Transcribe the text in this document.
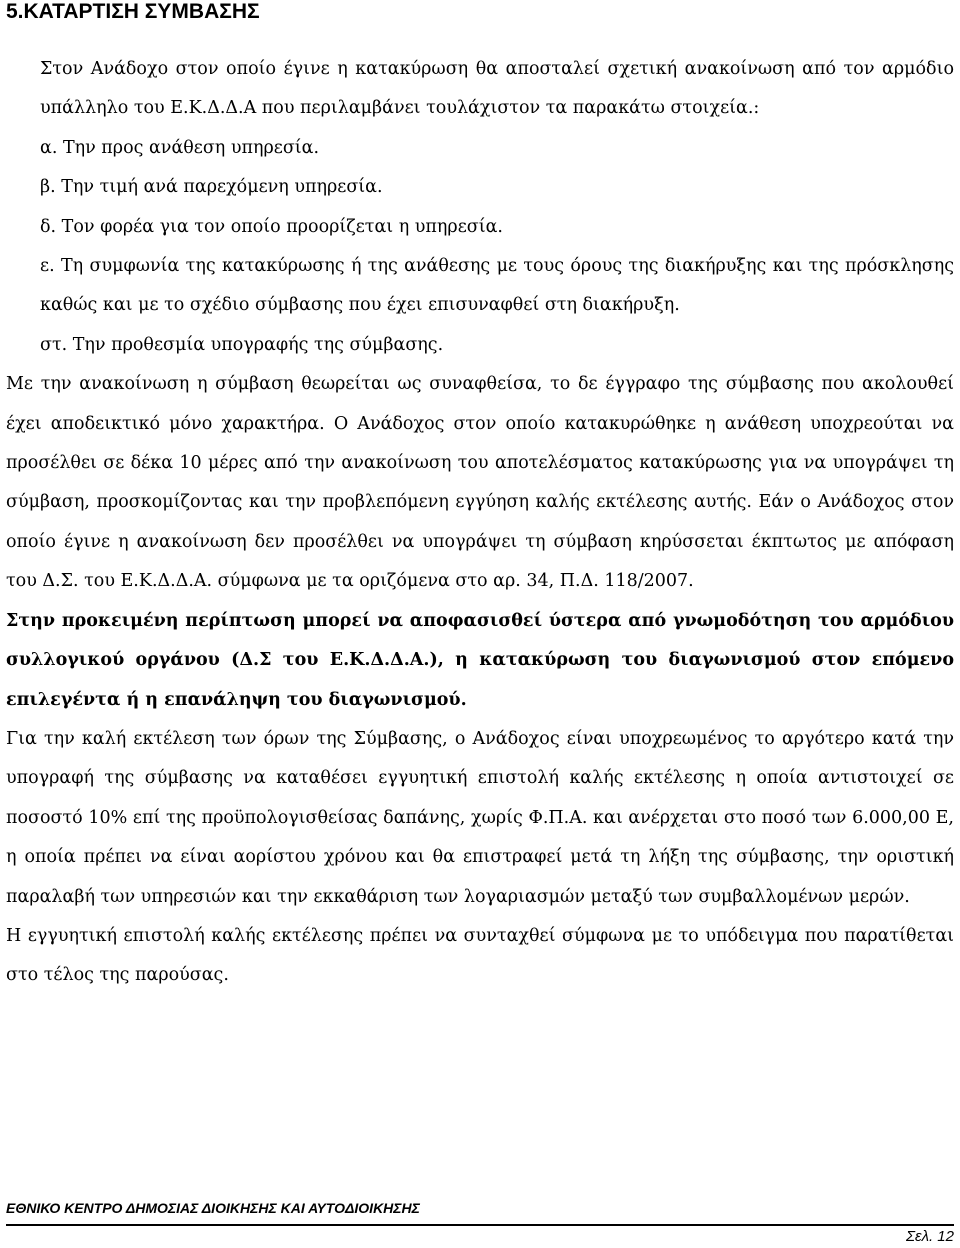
5.ΚΑΤΑΡΤΙΣΗ ΣΥΜΒΑΣΗΣ

Στον Ανάδοχο στον οποίο έγινε η κατακύρωση θα αποσταλεί σχετική ανακοίνωση από τον αρμόδιο υπάλληλο του Ε.Κ.Δ.Δ.Α που περιλαμβάνει τουλάχιστον τα παρακάτω στοιχεία.:

α. Την προς ανάθεση υπηρεσία.

β. Την τιμή ανά παρεχόμενη υπηρεσία.

δ. Τον φορέα για τον οποίο προορίζεται η υπηρεσία.

ε. Τη συμφωνία της κατακύρωσης ή της ανάθεσης με τους όρους της διακήρυξης και της πρόσκλησης καθώς και με το σχέδιο σύμβασης που έχει επισυναφθεί στη διακήρυξη.

στ. Την προθεσμία υπογραφής της σύμβασης.

Με την ανακοίνωση η σύμβαση θεωρείται ως συναφθείσα, το δε έγγραφο της σύμβασης που ακολουθεί έχει αποδεικτικό μόνο χαρακτήρα. Ο Ανάδοχος στον οποίο κατακυρώθηκε η ανάθεση υποχρεούται να προσέλθει σε δέκα 10 μέρες από την ανακοίνωση του αποτελέσματος κατακύρωσης για να υπογράψει τη σύμβαση, προσκομίζοντας και την προβλεπόμενη εγγύηση καλής εκτέλεσης αυτής. Εάν ο Ανάδοχος στον οποίο έγινε η ανακοίνωση δεν προσέλθει να υπογράψει τη σύμβαση κηρύσσεται έκπτωτος με απόφαση του Δ.Σ. του Ε.Κ.Δ.Δ.Α. σύμφωνα με τα οριζόμενα στο αρ. 34, Π.Δ. 118/2007.

Στην προκειμένη περίπτωση μπορεί να αποφασισθεί ύστερα από γνωμοδότηση του αρμόδιου συλλογικού οργάνου (Δ.Σ του Ε.Κ.Δ.Δ.Α.), η κατακύρωση του διαγωνισμού στον επόμενο επιλεγέντα ή η επανάληψη του διαγωνισμού.

Για την καλή εκτέλεση των όρων της Σύμβασης, ο Ανάδοχος είναι υποχρεωμένος το αργότερο κατά την υπογραφή της σύμβασης να καταθέσει εγγυητική επιστολή καλής εκτέλεσης η οποία αντιστοιχεί σε ποσοστό 10% επί της προϋπολογισθείσας δαπάνης, χωρίς Φ.Π.Α. και ανέρχεται στο ποσό των 6.000,00 Ε, η οποία πρέπει να είναι αορίστου χρόνου και θα επιστραφεί μετά τη λήξη της σύμβασης, την οριστική παραλαβή των υπηρεσιών και την εκκαθάριση των λογαριασμών μεταξύ των συμβαλλομένων μερών.

Η εγγυητική επιστολή καλής εκτέλεσης πρέπει να συνταχθεί σύμφωνα με το υπόδειγμα που παρατίθεται στο τέλος της παρούσας.

ΕΘΝΙΚΟ ΚΕΝΤΡΟ ΔΗΜΟΣΙΑΣ ΔΙΟΙΚΗΣΗΣ ΚΑΙ ΑΥΤΟΔΙΟΙΚΗΣΗΣ
Σελ. 12
